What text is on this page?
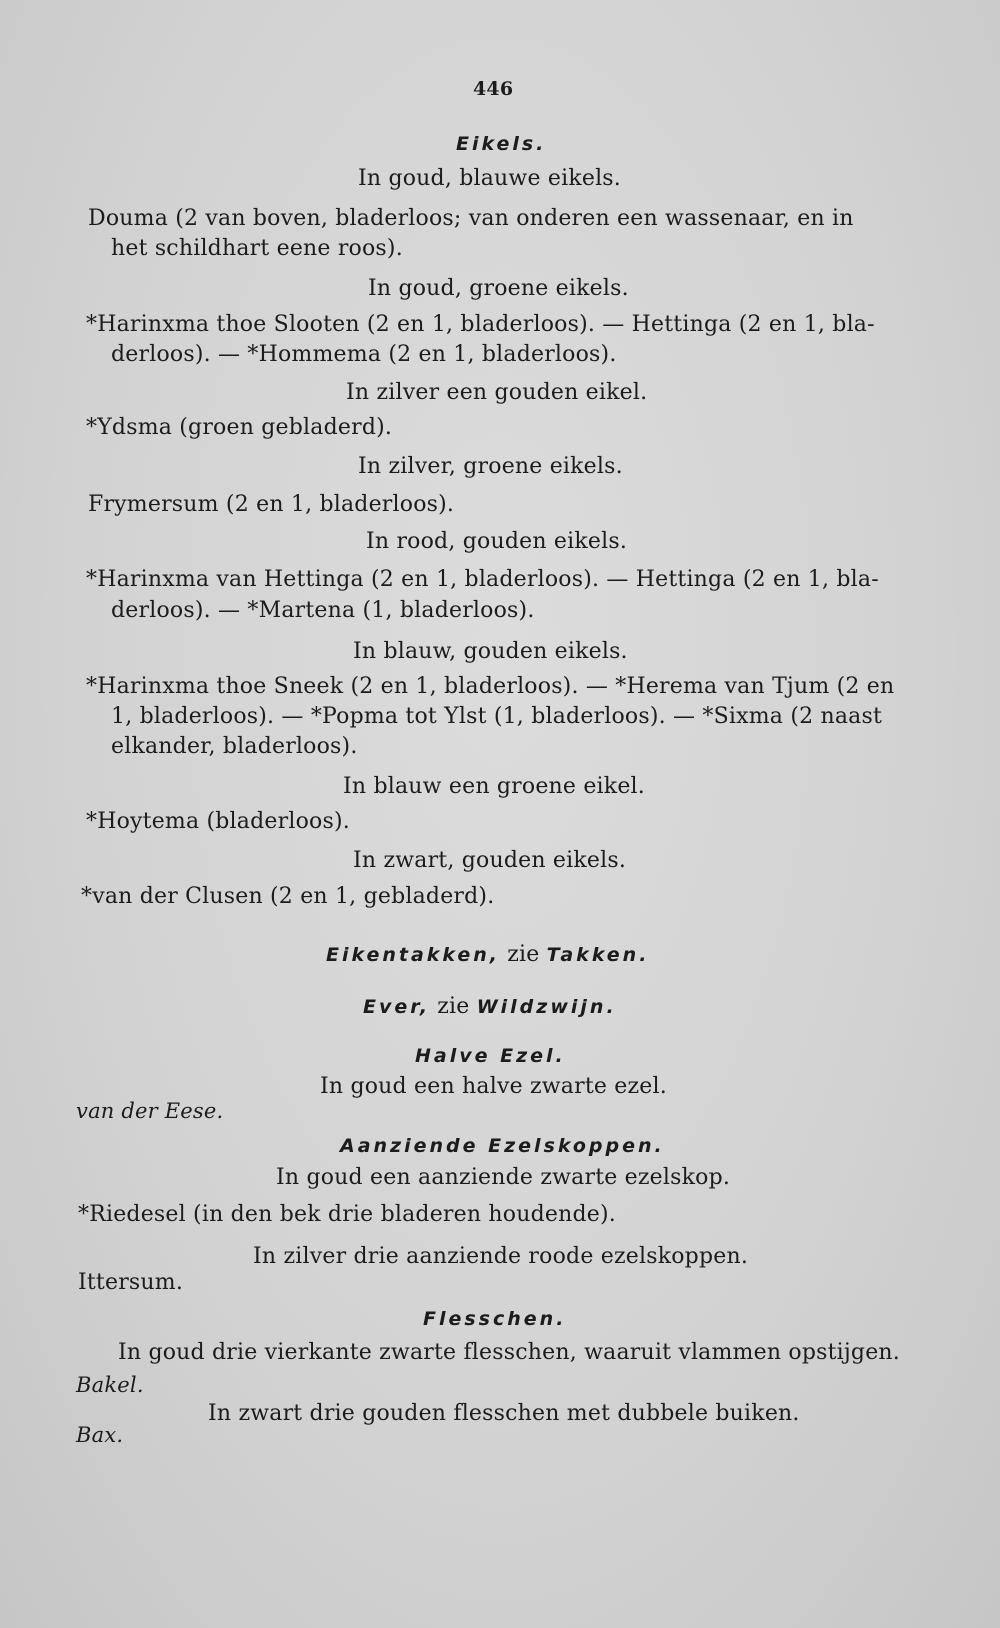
446
Eikels.
In goud, blauwe eikels.
Douma (2 van boven, bladerloos; van onderen een wassenaar, en in
het schildhart eene roos).
In goud, groene eikels.
*Harinxma thoe Slooten (2 en 1, bladerloos). — Hettinga (2 en 1, bla-
derloos). — *Hommema (2 en 1, bladerloos).
In zilver een gouden eikel.
*Ydsma (groen gebladerd).
In zilver, groene eikels.
Frymersum (2 en 1, bladerloos).
In rood, gouden eikels.
*Harinxma van Hettinga (2 en 1, bladerloos). — Hettinga (2 en 1, bla-
derloos). — *Martena (1, bladerloos).
In blauw, gouden eikels.
*Harinxma thoe Sneek (2 en 1, bladerloos). — *Herema van Tjum (2 en
1, bladerloos). — *Popma tot Ylst (1, bladerloos). — *Sixma (2 naast
elkander, bladerloos).
In blauw een groene eikel.
*Hoytema (bladerloos).
In zwart, gouden eikels.
*van der Clusen (2 en 1, gebladerd).
Eikentakken, zie Takken.
Ever, zie Wildzwijn.
Halve Ezel.
In goud een halve zwarte ezel.
van der Eese.
Aanziende Ezelskoppen.
In goud een aanziende zwarte ezelskop.
*Riedesel (in den bek drie bladeren houdende).
In zilver drie aanziende roode ezelskoppen.
Ittersum.
Flesschen.
In goud drie vierkante zwarte flesschen, waaruit vlammen opstijgen.
Bakel.
In zwart drie gouden flesschen met dubbele buiken.
Bax.
